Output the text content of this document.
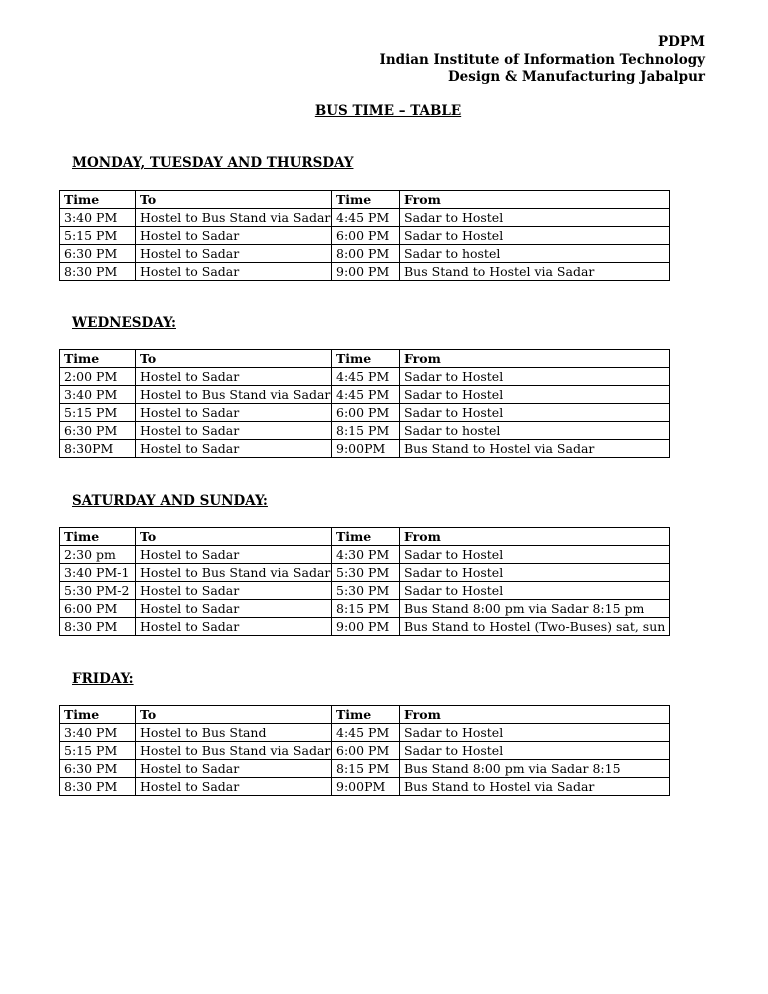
PDPM
Indian Institute of Information Technology
Design & Manufacturing Jabalpur
BUS TIME – TABLE
MONDAY, TUESDAY AND THURSDAY
Time	To	Time	From
3:40 PM	Hostel to Bus Stand via Sadar	4:45 PM	Sadar to Hostel
5:15 PM	Hostel to Sadar	6:00 PM	Sadar to Hostel
6:30 PM	Hostel to Sadar	8:00 PM	Sadar to hostel
8:30 PM	Hostel to Sadar	9:00 PM	Bus Stand to Hostel via Sadar
WEDNESDAY:
Time	To	Time	From
2:00 PM	Hostel to Sadar	4:45 PM	Sadar to Hostel
3:40 PM	Hostel to Bus Stand via Sadar	4:45 PM	Sadar to Hostel
5:15 PM	Hostel to Sadar	6:00 PM	Sadar to Hostel
6:30 PM	Hostel to Sadar	8:15 PM	Sadar to hostel
8:30PM	Hostel to Sadar	9:00PM	Bus Stand to Hostel via Sadar
SATURDAY AND SUNDAY:
Time	To	Time	From
2:30 pm	Hostel to Sadar	4:30 PM	Sadar to Hostel
3:40 PM-1	Hostel to Bus Stand via Sadar	5:30 PM	Sadar to Hostel
5:30 PM-2	Hostel to Sadar	5:30 PM	Sadar to Hostel
6:00 PM	Hostel to Sadar	8:15 PM	Bus Stand 8:00 pm via Sadar 8:15 pm
8:30 PM	Hostel to Sadar	9:00 PM	Bus Stand to Hostel (Two-Buses) sat, sun
FRIDAY:
Time	To	Time	From
3:40 PM	Hostel to Bus Stand	4:45 PM	Sadar to Hostel
5:15 PM	Hostel to Bus Stand via Sadar	6:00 PM	Sadar to Hostel
6:30 PM	Hostel to Sadar	8:15 PM	Bus Stand 8:00 pm via Sadar 8:15
8:30 PM	Hostel to Sadar	9:00PM	Bus Stand to Hostel via Sadar
